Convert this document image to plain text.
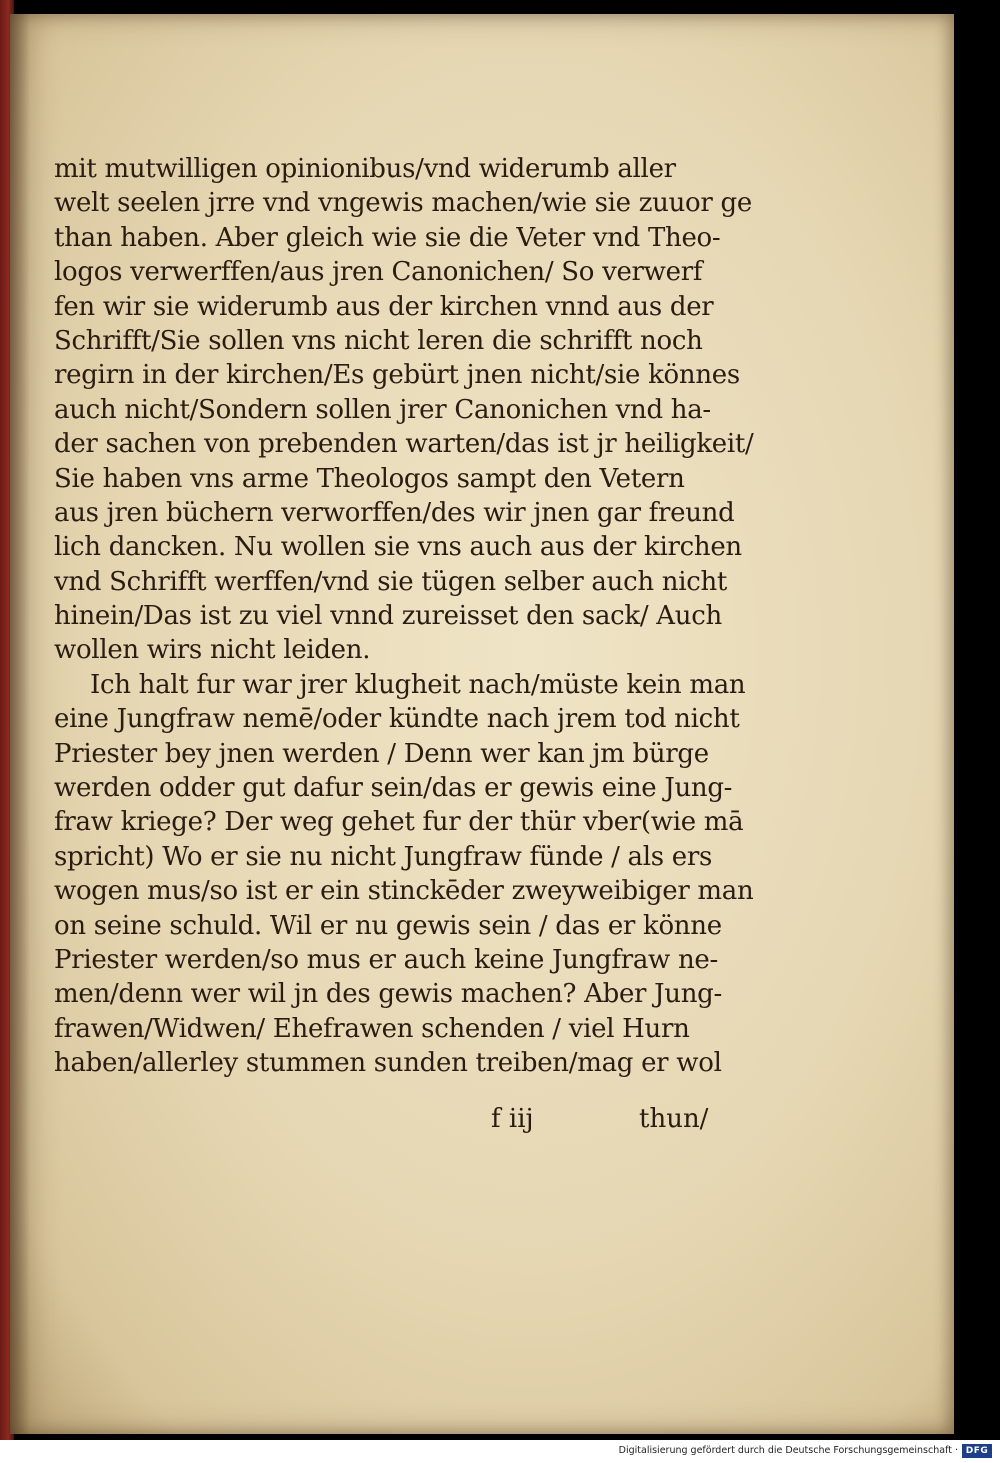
mit mutwilligen opinionibus/vnd widerumb aller
welt seelen jrre vnd vngewis machen/wie sie zuuor ge
than haben. Aber gleich wie sie die Veter vnd Theo-
logos verwerffen/aus jren Canonichen/ So verwerf
fen wir sie widerumb aus der kirchen vnnd aus der
Schrifft/Sie sollen vns nicht leren die schrifft noch
regirn in der kirchen/Es gebürt jnen nicht/sie könnes
auch nicht/Sondern sollen jrer Canonichen vnd ha-
der sachen von prebenden warten/das ist jr heiligkeit/
Sie haben vns arme Theologos sampt den Vetern
aus jren büchern verworffen/des wir jnen gar freund
lich dancken. Nu wollen sie vns auch aus der kirchen
vnd Schrifft werffen/vnd sie tügen selber auch nicht
hinein/Das ist zu viel vnnd zureisset den sack/ Auch
wollen wirs nicht leiden.
Ich halt fur war jrer klugheit nach/müste kein man
eine Jungfraw nemē/oder kündte nach jrem tod nicht
Priester bey jnen werden / Denn wer kan jm bürge
werden odder gut dafur sein/das er gewis eine Jung-
fraw kriege? Der weg gehet fur der thür vber(wie mā
spricht) Wo er sie nu nicht Jungfraw fünde / als ers
wogen mus/so ist er ein stinckēder zweyweibiger man
on seine schuld. Wil er nu gewis sein / das er könne
Priester werden/so mus er auch keine Jungfraw ne-
men/denn wer wil jn des gewis machen? Aber Jung-
frawen/Widwen/ Ehefrawen schenden / viel Hurn
haben/allerley stummen sunden treiben/mag er wol
f iij	thun/
Digitalisierung gefördert durch die Deutsche Forschungsgemeinschaft · DFG
